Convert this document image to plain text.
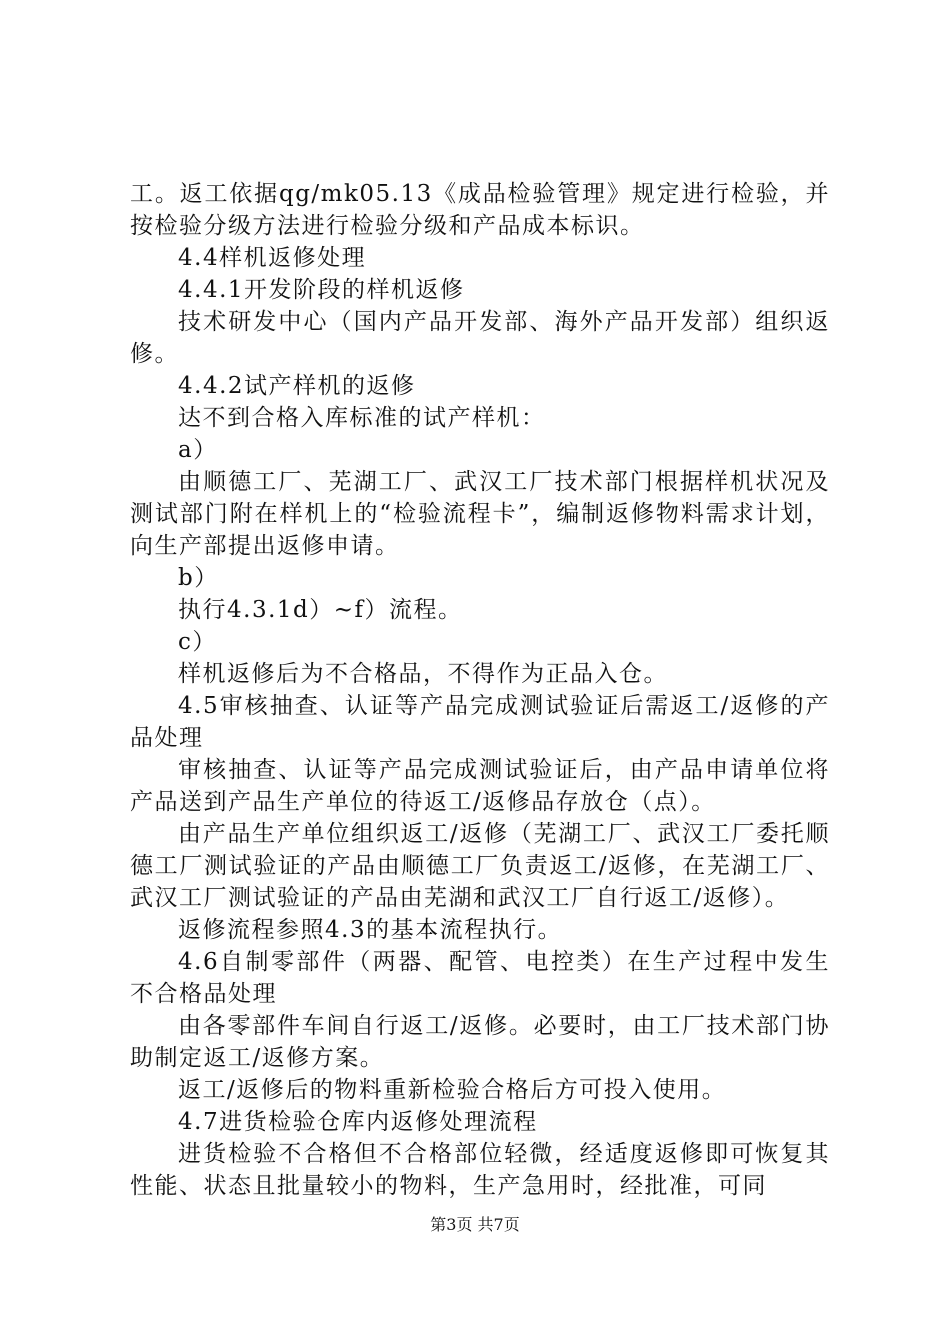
工。返工依据qg/mk05.13《成品检验管理》规定进行检验，并按检验分级方法进行检验分级和产品成本标识。

4.4样机返修处理

4.4.1开发阶段的样机返修

技术研发中心（国内产品开发部、海外产品开发部）组织返修。

4.4.2试产样机的返修

达不到合格入库标准的试产样机：

a）

由顺德工厂、芜湖工厂、武汉工厂技术部门根据样机状况及测试部门附在样机上的“检验流程卡”，编制返修物料需求计划，向生产部提出返修申请。

b）

执行4.3.1d）~f）流程。

c）

样机返修后为不合格品，不得作为正品入仓。

4.5审核抽查、认证等产品完成测试验证后需返工/返修的产品处理

审核抽查、认证等产品完成测试验证后，由产品申请单位将产品送到产品生产单位的待返工/返修品存放仓（点）。

由产品生产单位组织返工/返修（芜湖工厂、武汉工厂委托顺德工厂测试验证的产品由顺德工厂负责返工/返修，在芜湖工厂、武汉工厂测试验证的产品由芜湖和武汉工厂自行返工/返修）。

返修流程参照4.3的基本流程执行。

4.6自制零部件（两器、配管、电控类）在生产过程中发生不合格品处理

由各零部件车间自行返工/返修。必要时，由工厂技术部门协助制定返工/返修方案。

返工/返修后的物料重新检验合格后方可投入使用。

4.7进货检验仓库内返修处理流程

进货检验不合格但不合格部位轻微，经适度返修即可恢复其性能、状态且批量较小的物料，生产急用时，经批准，可同

第3页 共7页
